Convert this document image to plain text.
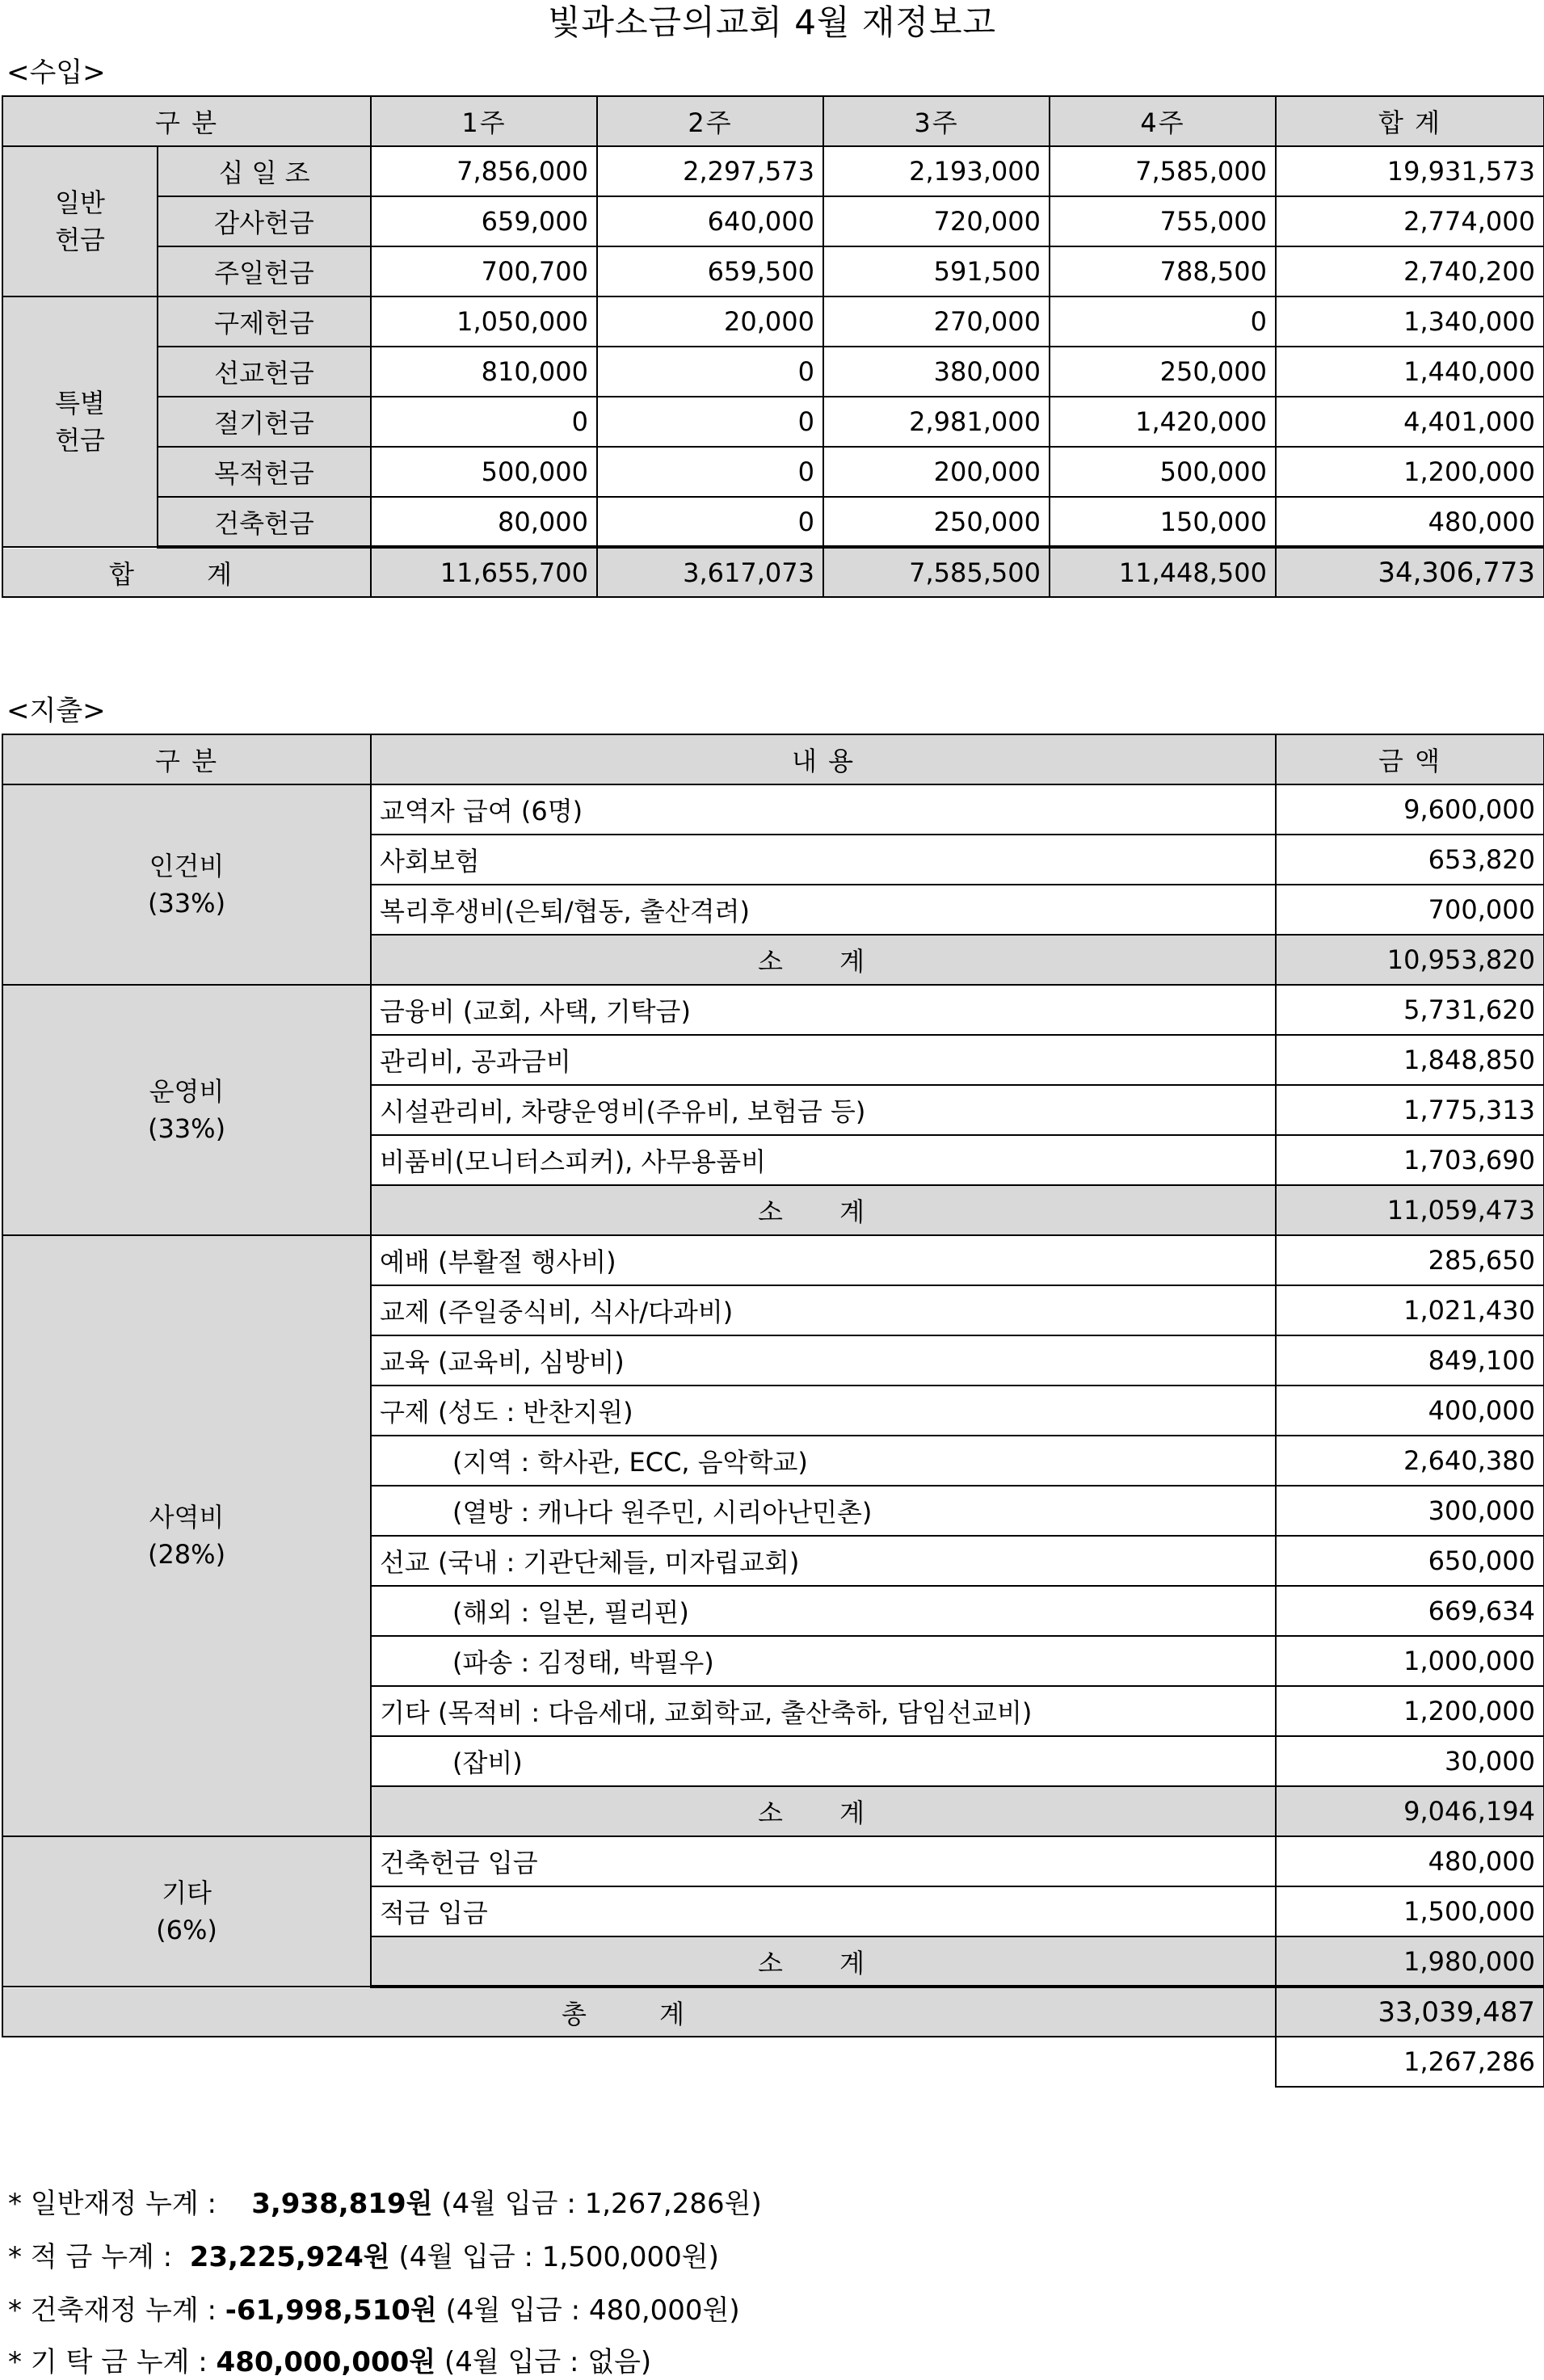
빛과소금의교회 4월 재정보고
<수입>
구 분		1주	2주	3주	4주	합 계
일반
헌금	십 일 조	7,856,000	2,297,573	2,193,000	7,585,000	19,931,573
	감사헌금	659,000	640,000	720,000	755,000	2,774,000
	주일헌금	700,700	659,500	591,500	788,500	2,740,200
특별
헌금	구제헌금	1,050,000	20,000	270,000	0	1,340,000
	선교헌금	810,000	0	380,000	250,000	1,440,000
	절기헌금	0	0	2,981,000	1,420,000	4,401,000
	목적헌금	500,000	0	200,000	500,000	1,200,000
	건축헌금	80,000	0	250,000	150,000	480,000
합 계		11,655,700	3,617,073	7,585,500	11,448,500	34,306,773
<지출>
구 분	내 용	금 액
인건비
(33%)	교역자 급여 (6명)	9,600,000
	사회보험	653,820
	복리후생비(은퇴/협동, 출산격려)	700,000
	소 계	10,953,820
운영비
(33%)	금융비 (교회, 사택, 기탁금)	5,731,620
	관리비, 공과금비	1,848,850
	시설관리비, 차량운영비(주유비, 보험금 등)	1,775,313
	비품비(모니터스피커), 사무용품비	1,703,690
	소 계	11,059,473
사역비
(28%)	예배 (부활절 행사비)	285,650
	교제 (주일중식비, 식사/다과비)	1,021,430
	교육 (교육비, 심방비)	849,100
	구제 (성도 : 반찬지원)	400,000
	(지역 : 학사관, ECC, 음악학교)	2,640,380
	(열방 : 캐나다 원주민, 시리아난민촌)	300,000
	선교 (국내 : 기관단체들, 미자립교회)	650,000
	(해외 : 일본, 필리핀)	669,634
	(파송 : 김정태, 박필우)	1,000,000
	기타 (목적비 : 다음세대, 교회학교, 출산축하, 담임선교비)	1,200,000
	(잡비)	30,000
	소 계	9,046,194
기타
(6%)	건축헌금 입금	480,000
	적금 입금	1,500,000
	소 계	1,980,000
총 계		33,039,487
		1,267,286
* 일반재정 누계 : 3,938,819원 (4월 입금 : 1,267,286원)
* 적 금 누계 : 23,225,924원 (4월 입금 : 1,500,000원)
* 건축재정 누계 : -61,998,510원 (4월 입금 : 480,000원)
* 기 탁 금 누계 : 480,000,000원 (4월 입금 : 없음)
